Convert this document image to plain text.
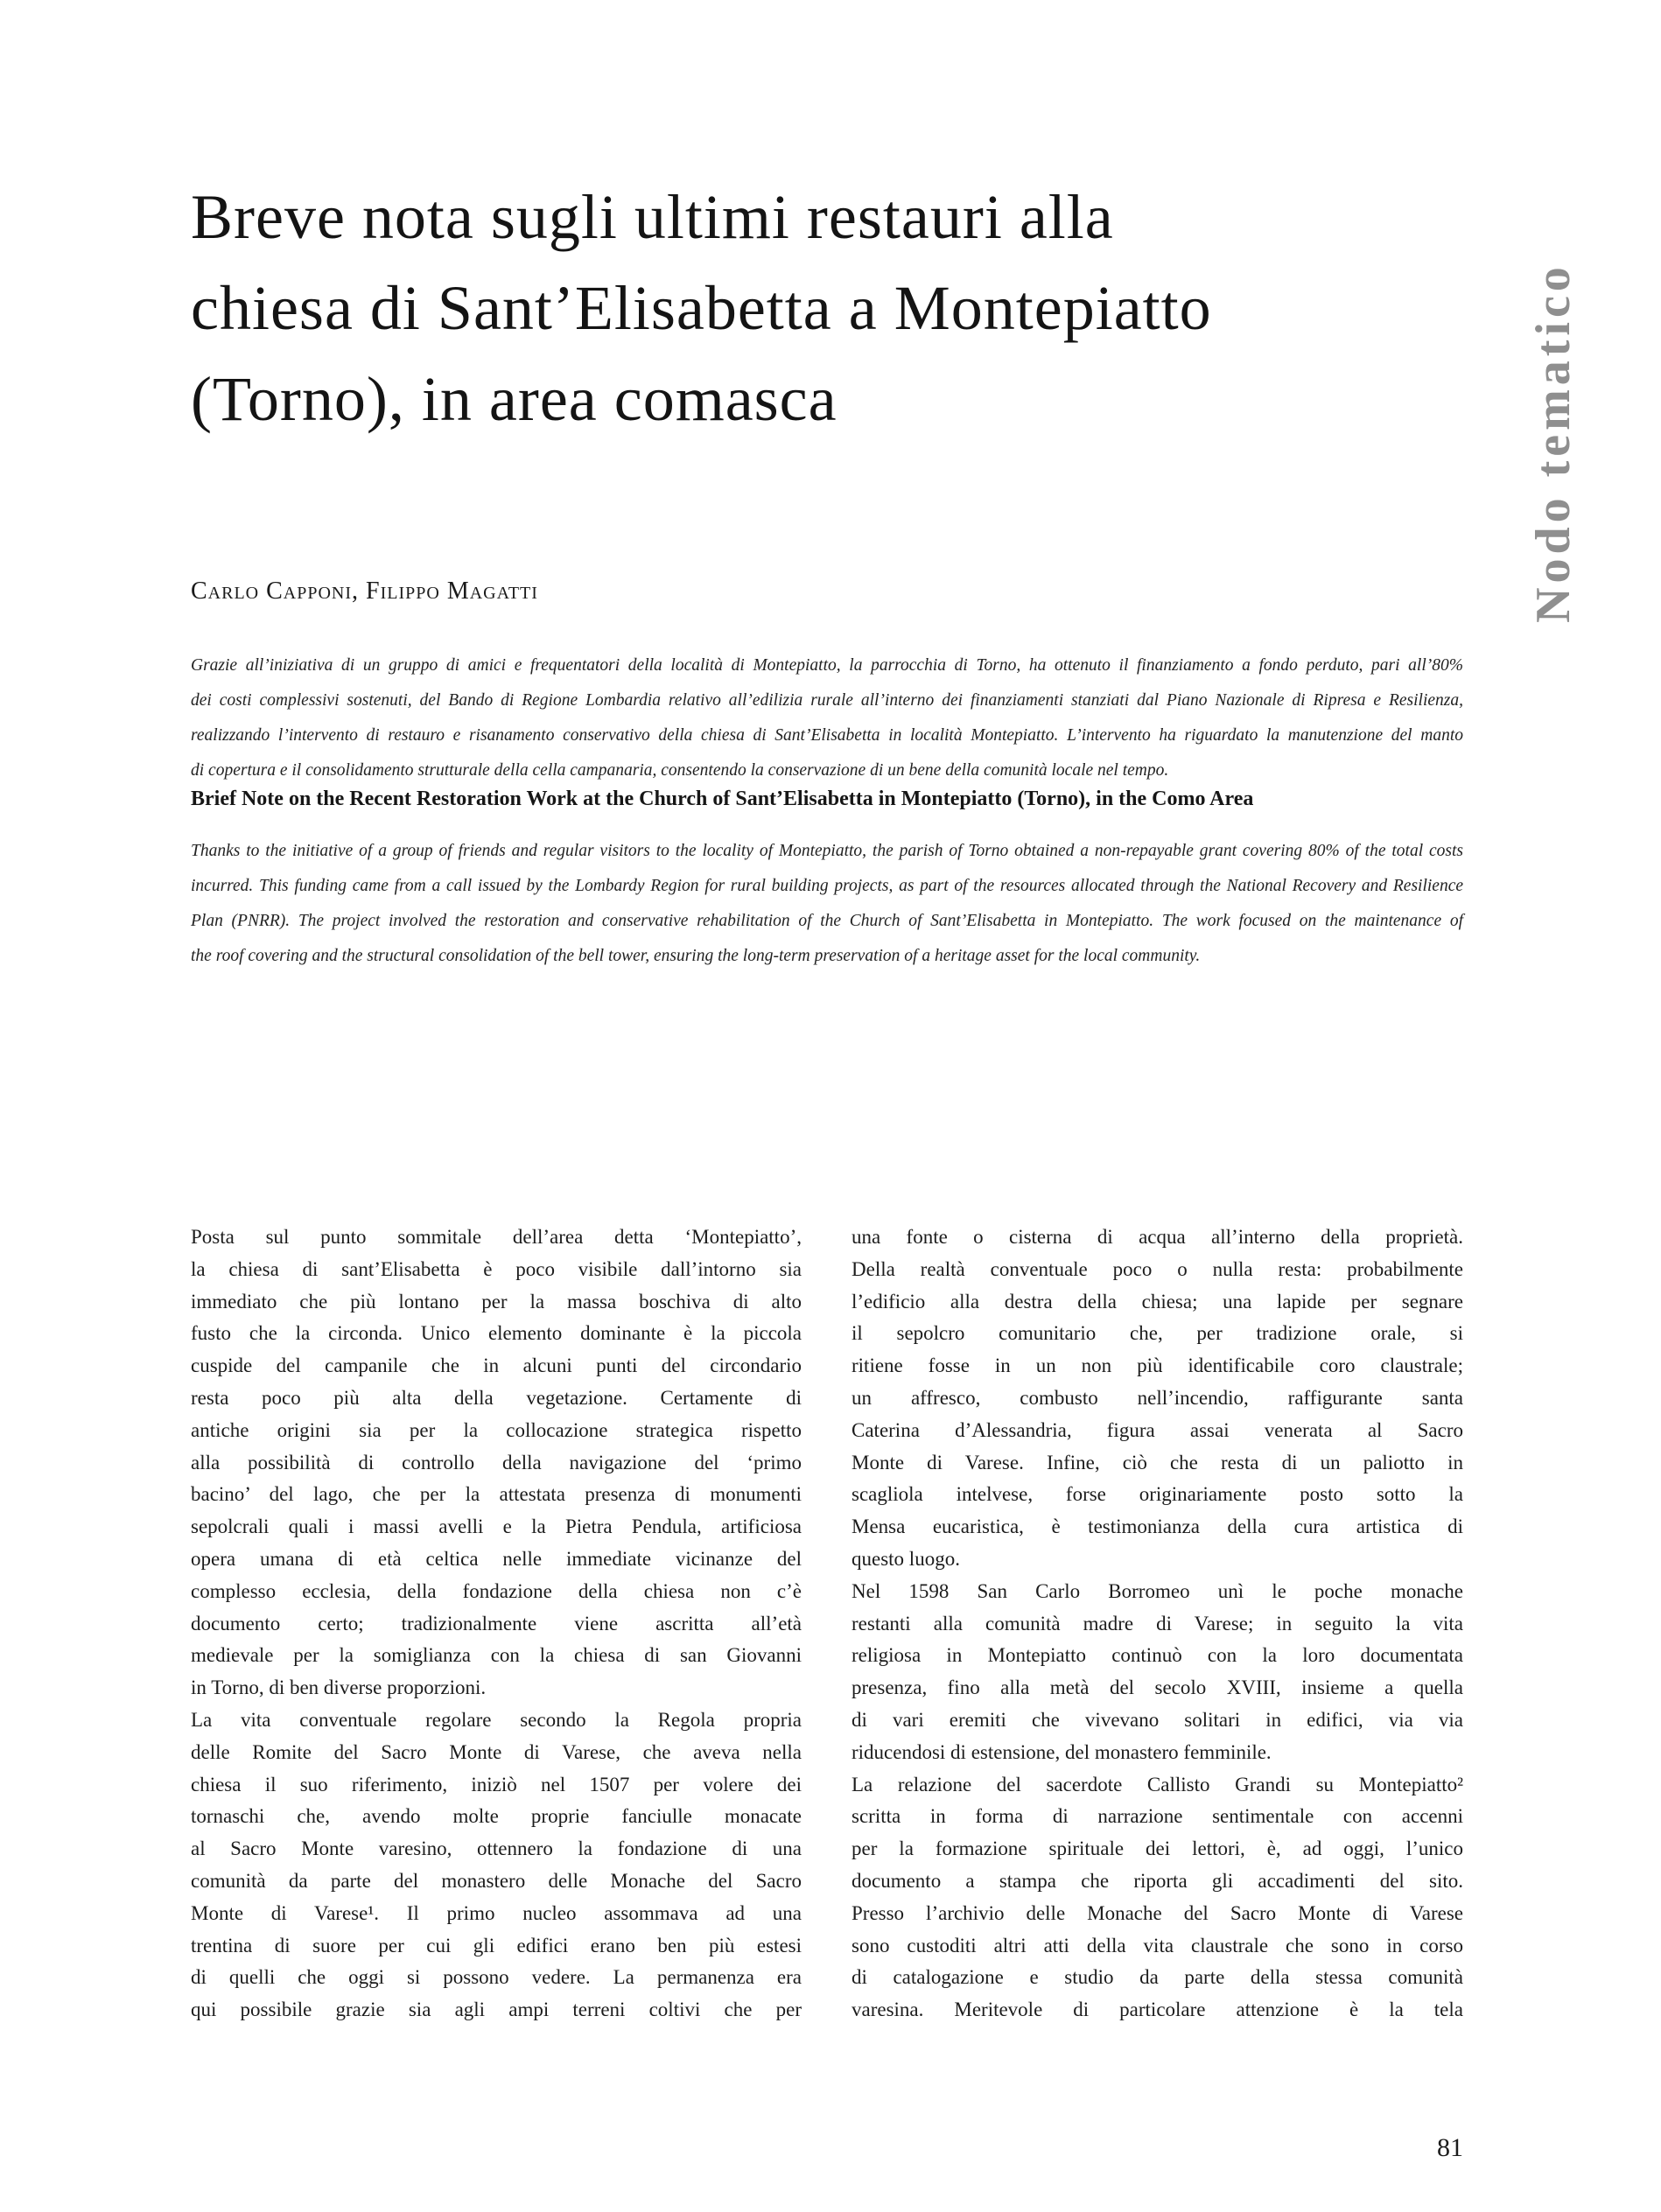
Nodo tematico
Breve nota sugli ultimi restauri alla
chiesa di Sant’Elisabetta a Montepiatto
(Torno), in area comasca
Carlo Capponi, Filippo Magatti
Grazie all’iniziativa di un gruppo di amici e frequentatori della località di Montepiatto, la parrocchia di Torno, ha ottenuto il finanziamento a fondo perduto, pari all’80%
dei costi complessivi sostenuti, del Bando di Regione Lombardia relativo all’edilizia rurale all’interno dei finanziamenti stanziati dal Piano Nazionale di Ripresa e Resilienza,
realizzando l’intervento di restauro e risanamento conservativo della chiesa di Sant’Elisabetta in località Montepiatto. L’intervento ha riguardato la manutenzione del manto
di copertura e il consolidamento strutturale della cella campanaria, consentendo la conservazione di un bene della comunità locale nel tempo.
Brief Note on the Recent Restoration Work at the Church of Sant’Elisabetta in Montepiatto (Torno), in the Como Area
Thanks to the initiative of a group of friends and regular visitors to the locality of Montepiatto, the parish of Torno obtained a non-repayable grant covering 80% of the total costs
incurred. This funding came from a call issued by the Lombardy Region for rural building projects, as part of the resources allocated through the National Recovery and Resilience
Plan (PNRR). The project involved the restoration and conservative rehabilitation of the Church of Sant’Elisabetta in Montepiatto. The work focused on the maintenance of
the roof covering and the structural consolidation of the bell tower, ensuring the long-term preservation of a heritage asset for the local community.
Posta sul punto sommitale dell’area detta ‘Montepiatto’,
la chiesa di sant’Elisabetta è poco visibile dall’intorno sia
immediato che più lontano per la massa boschiva di alto
fusto che la circonda. Unico elemento dominante è la piccola
cuspide del campanile che in alcuni punti del circondario
resta poco più alta della vegetazione. Certamente di
antiche origini sia per la collocazione strategica rispetto
alla possibilità di controllo della navigazione del ‘primo
bacino’ del lago, che per la attestata presenza di monumenti
sepolcrali quali i massi avelli e la Pietra Pendula, artificiosa
opera umana di età celtica nelle immediate vicinanze del
complesso ecclesia, della fondazione della chiesa non c’è
documento certo; tradizionalmente viene ascritta all’età
medievale per la somiglianza con la chiesa di san Giovanni
in Torno, di ben diverse proporzioni.
La vita conventuale regolare secondo la Regola propria
delle Romite del Sacro Monte di Varese, che aveva nella
chiesa il suo riferimento, iniziò nel 1507 per volere dei
tornaschi che, avendo molte proprie fanciulle monacate
al Sacro Monte varesino, ottennero la fondazione di una
comunità da parte del monastero delle Monache del Sacro
Monte di Varese¹. Il primo nucleo assommava ad una
trentina di suore per cui gli edifici erano ben più estesi
di quelli che oggi si possono vedere. La permanenza era
qui possibile grazie sia agli ampi terreni coltivi che per
una fonte o cisterna di acqua all’interno della proprietà.
Della realtà conventuale poco o nulla resta: probabilmente
l’edificio alla destra della chiesa; una lapide per segnare
il sepolcro comunitario che, per tradizione orale, si
ritiene fosse in un non più identificabile coro claustrale;
un affresco, combusto nell’incendio, raffigurante santa
Caterina d’Alessandria, figura assai venerata al Sacro
Monte di Varese. Infine, ciò che resta di un paliotto in
scagliola intelvese, forse originariamente posto sotto la
Mensa eucaristica, è testimonianza della cura artistica di
questo luogo.
Nel 1598 San Carlo Borromeo unì le poche monache
restanti alla comunità madre di Varese; in seguito la vita
religiosa in Montepiatto continuò con la loro documentata
presenza, fino alla metà del secolo XVIII, insieme a quella
di vari eremiti che vivevano solitari in edifici, via via
riducendosi di estensione, del monastero femminile.
La relazione del sacerdote Callisto Grandi su Montepiatto²
scritta in forma di narrazione sentimentale con accenni
per la formazione spirituale dei lettori, è, ad oggi, l’unico
documento a stampa che riporta gli accadimenti del sito.
Presso l’archivio delle Monache del Sacro Monte di Varese
sono custoditi altri atti della vita claustrale che sono in corso
di catalogazione e studio da parte della stessa comunità
varesina. Meritevole di particolare attenzione è la tela
81
